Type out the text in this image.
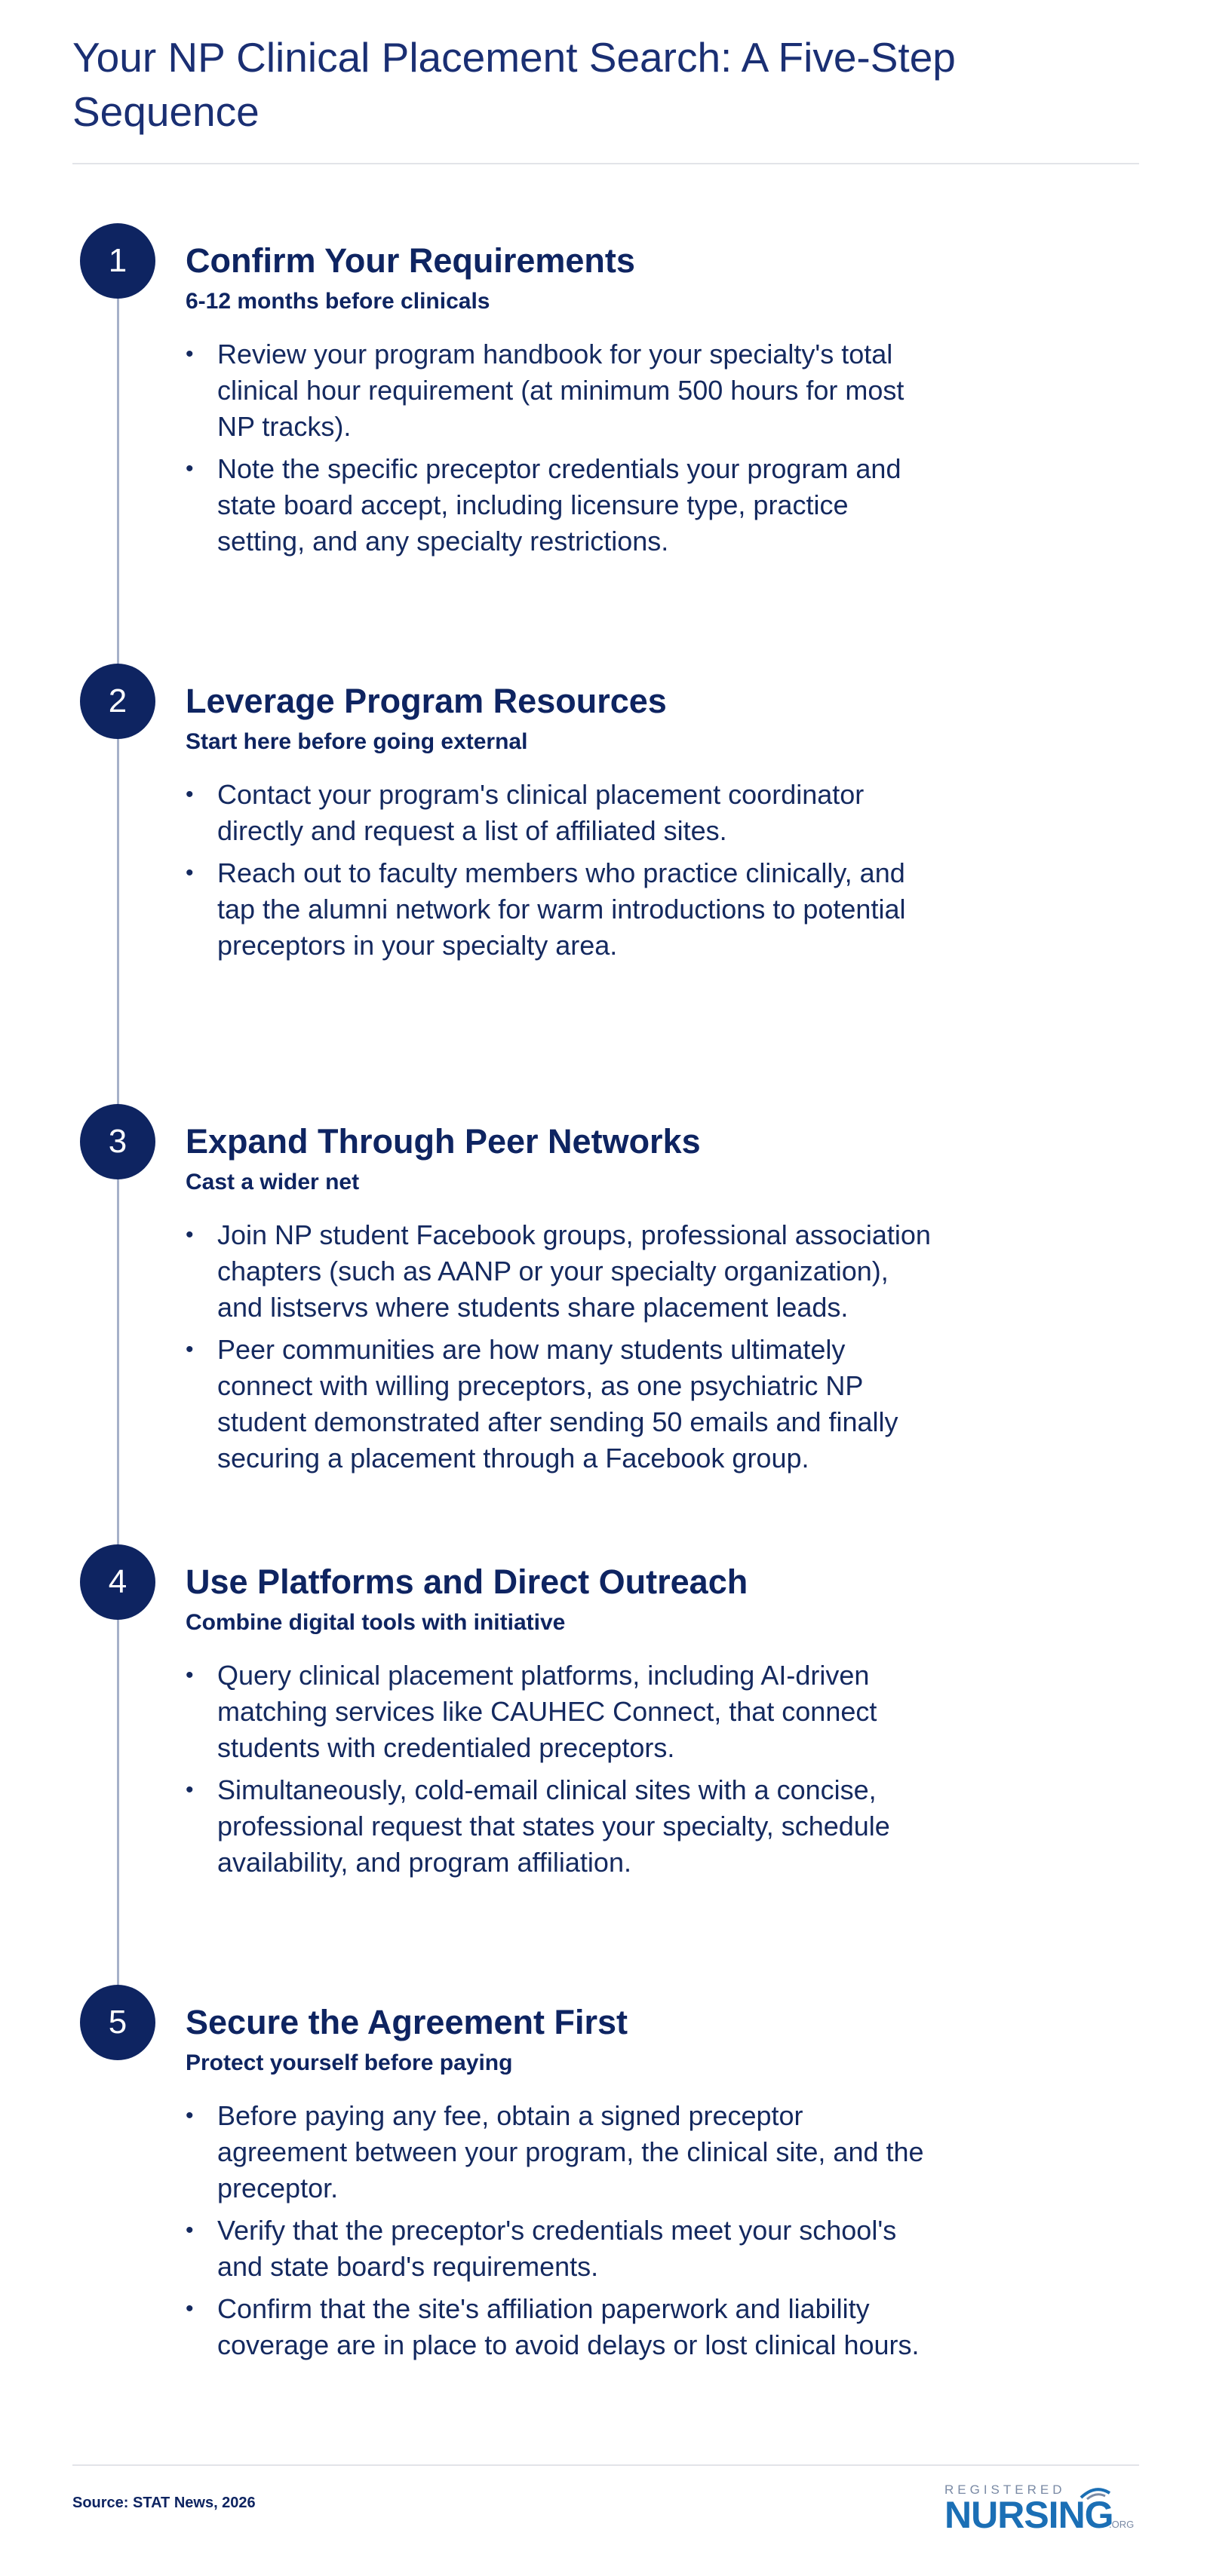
Your NP Clinical Placement Search: A Five-Step Sequence
1	Confirm Your Requirements

6-12 months before clinicals

• Review your program handbook for your specialty's total clinical hour requirement (at minimum 500 hours for most NP tracks).
• Note the specific preceptor credentials your program and state board accept, including licensure type, practice setting, and any specialty restrictions.
2	Leverage Program Resources

Start here before going external

• Contact your program's clinical placement coordinator directly and request a list of affiliated sites.
• Reach out to faculty members who practice clinically, and tap the alumni network for warm introductions to potential preceptors in your specialty area.
3	Expand Through Peer Networks

Cast a wider net

• Join NP student Facebook groups, professional association chapters (such as AANP or your specialty organization), and listservs where students share placement leads.
• Peer communities are how many students ultimately connect with willing preceptors, as one psychiatric NP student demonstrated after sending 50 emails and finally securing a placement through a Facebook group.
4	Use Platforms and Direct Outreach

Combine digital tools with initiative

• Query clinical placement platforms, including AI-driven matching services like CAUHEC Connect, that connect students with credentialed preceptors.
• Simultaneously, cold-email clinical sites with a concise, professional request that states your specialty, schedule availability, and program affiliation.
5	Secure the Agreement First

Protect yourself before paying

• Before paying any fee, obtain a signed preceptor agreement between your program, the clinical site, and the preceptor.
• Verify that the preceptor's credentials meet your school's and state board's requirements.
• Confirm that the site's affiliation paperwork and liability coverage are in place to avoid delays or lost clinical hours.

Source: STAT News, 2026

REGISTERED
NURSING
.ORG
